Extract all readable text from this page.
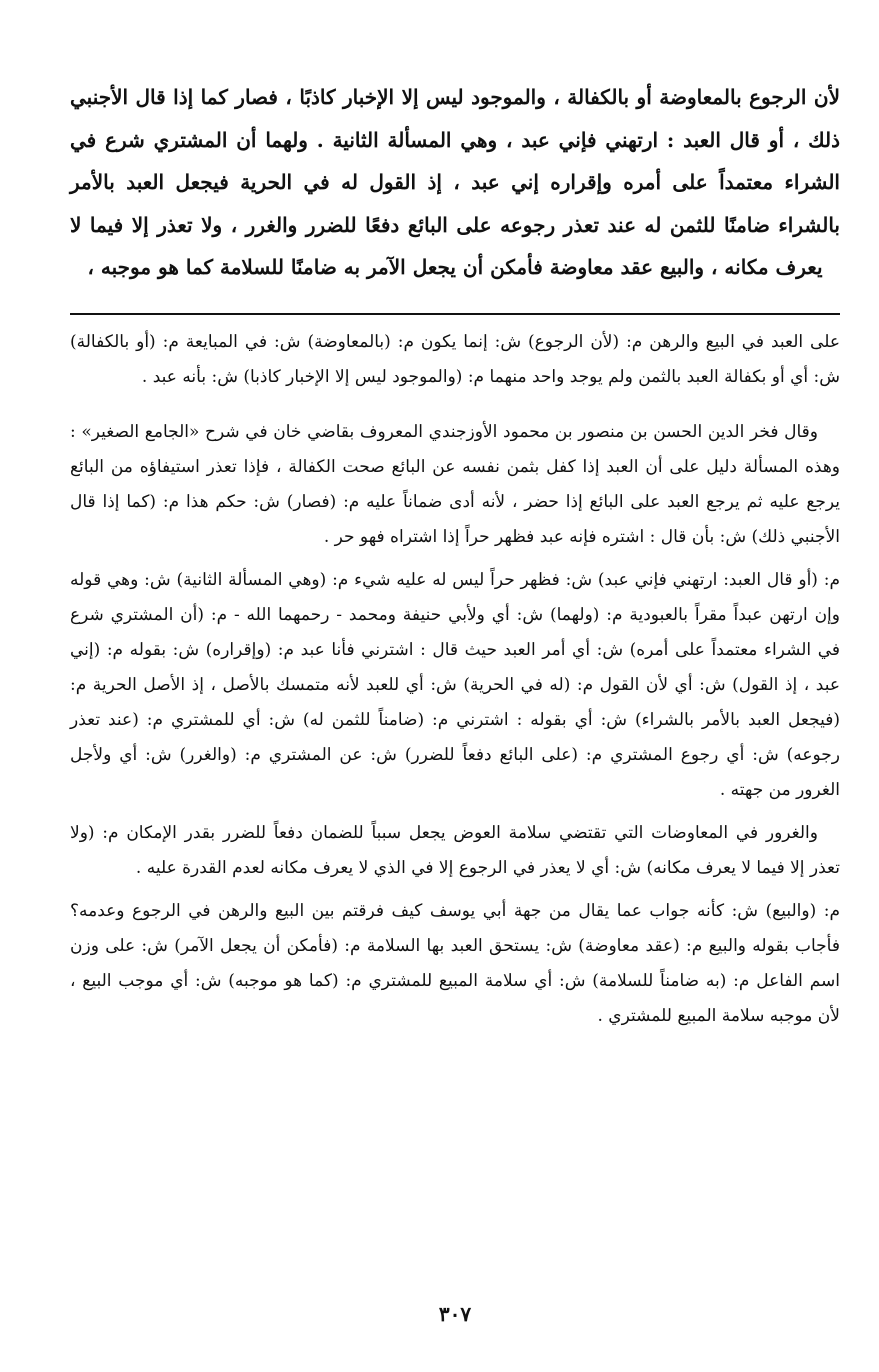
لأن الرجوع بالمعاوضة أو بالكفالة ، والموجود ليس إلا الإخبار كاذبًا ، فصار كما إذا قال الأجنبي ذلك ، أو قال العبد : ارتهني فإني عبد ، وهي المسألة الثانية . ولهما أن المشتري شرع في الشراء معتمداً على أمره وإقراره إني عبد ، إذ القول له في الحرية فيجعل العبد بالأمر بالشراء ضامنًا للثمن له عند تعذر رجوعه على البائع دفعًا للضرر والغرر ، ولا تعذر إلا فيما لا يعرف مكانه ، والبيع عقد معاوضة فأمكن أن يجعل الآمر به ضامنًا للسلامة كما هو موجبه ،

على العبد في البيع والرهن م: (لأن الرجوع) ش: إنما يكون م: (بالمعاوضة) ش: في المبايعة م: (أو بالكفالة) ش: أي أو بكفالة العبد بالثمن ولم يوجد واحد منهما م: (والموجود ليس إلا الإخبار كاذبا) ش: بأنه عبد .

وقال فخر الدين الحسن بن منصور بن محمود الأوزجندي المعروف بقاضي خان في شرح «الجامع الصغير» : وهذه المسألة دليل على أن العبد إذا كفل بثمن نفسه عن البائع صحت الكفالة ، فإذا تعذر استيفاؤه من البائع يرجع عليه ثم يرجع العبد على البائع إذا حضر ، لأنه أدى ضماناً عليه م: (فصار) ش: حكم هذا م: (كما إذا قال الأجنبي ذلك) ش: بأن قال : اشتره فإنه عبد فظهر حراً إذا اشتراه فهو حر .

م: (أو قال العبد: ارتهني فإني عبد) ش: فظهر حراً ليس له عليه شيء م: (وهي المسألة الثانية) ش: وهي قوله وإن ارتهن عبداً مقراً بالعبودية م: (ولهما) ش: أي ولأبي حنيفة ومحمد - رحمهما الله - م: (أن المشتري شرع في الشراء معتمداً على أمره) ش: أي أمر العبد حيث قال : اشترني فأنا عبد م: (وإقراره) ش: بقوله م: (إني عبد ، إذ القول) ش: أي لأن القول م: (له في الحرية) ش: أي للعبد لأنه متمسك بالأصل ، إذ الأصل الحرية م: (فيجعل العبد بالأمر بالشراء) ش: أي بقوله : اشترني م: (ضامناً للثمن له) ش: أي للمشتري م: (عند تعذر رجوعه) ش: أي رجوع المشتري م: (على البائع دفعاً للضرر) ش: عن المشتري م: (والغرر) ش: أي ولأجل الغرور من جهته .

والغرور في المعاوضات التي تقتضي سلامة العوض يجعل سبباً للضمان دفعاً للضرر بقدر الإمكان م: (ولا تعذر إلا فيما لا يعرف مكانه) ش: أي لا يعذر في الرجوع إلا في الذي لا يعرف مكانه لعدم القدرة عليه .

م: (والبيع) ش: كأنه جواب عما يقال من جهة أبي يوسف كيف فرقتم بين البيع والرهن في الرجوع وعدمه؟ فأجاب بقوله والبيع م: (عقد معاوضة) ش: يستحق العبد بها السلامة م: (فأمكن أن يجعل الآمر) ش: على وزن اسم الفاعل م: (به ضامناً للسلامة) ش: أي سلامة المبيع للمشتري م: (كما هو موجبه) ش: أي موجب البيع ، لأن موجبه سلامة المبيع للمشتري .

٣٠٧
